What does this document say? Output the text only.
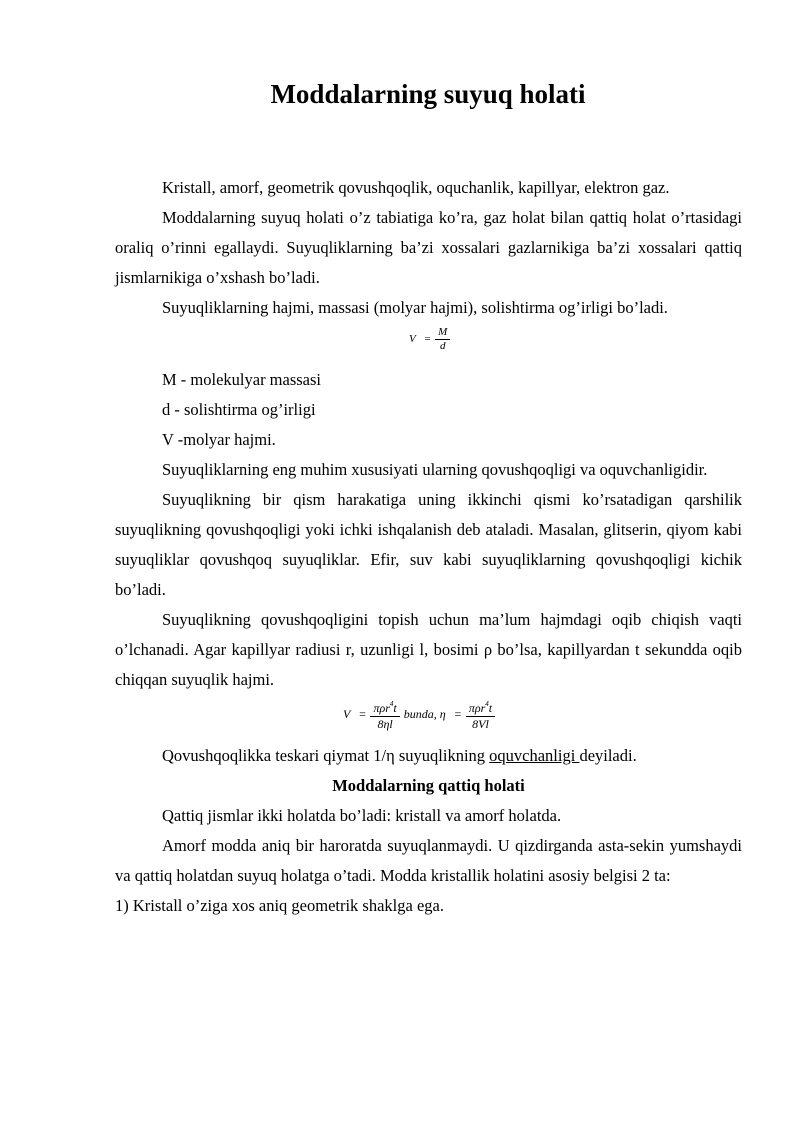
Moddalarning suyuq holati

Kristall, amorf, geometrik qovushqoqlik, oquchanlik, kapillyar, elektron gaz.

Moddalarning suyuq holati o’z tabiatiga ko’ra, gaz holat bilan qattiq holat o’rtasidagi oraliq o’rinni egallaydi. Suyuqliklarning ba’zi xossalari gazlarnikiga ba’zi xossalari qattiq jismlarnikiga o’xshash bo’ladi.

Suyuqliklarning hajmi, massasi (molyar hajmi), solishtirma og’irligi bo’ladi.

$V = \frac{M}{d}$

M - molekulyar massasi

d - solishtirma og’irligi

V -molyar hajmi.

Suyuqliklarning eng muhim xususiyati ularning qovushqoqligi va oquvchanligidir.

Suyuqlikning bir qism harakatiga uning ikkinchi qismi ko’rsatadigan qarshilik suyuqlikning qovushqoqligi yoki ichki ishqalanish deb ataladi. Masalan, glitserin, qiyom kabi suyuqliklar qovushqoq suyuqliklar. Efir, suv kabi suyuqliklarning qovushqoqligi kichik bo’ladi.

Suyuqlikning qovushqoqligini topish uchun ma’lum hajmdagi oqib chiqish vaqti o’lchanadi. Agar kapillyar radiusi r, uzunligi l, bosimi ρ bo’lsa, kapillyardan t sekundda oqib chiqqan suyuqlik hajmi.

$V = \frac{\pi\rho r^4t}{8\eta l}$ bunda, $\eta = \frac{\pi\rho r^4t}{8Vl}$

Qovushqoqlikka teskari qiymat 1/η suyuqlikning oquvchanligi deyiladi.

Moddalarning qattiq holati

Qattiq jismlar ikki holatda bo’ladi: kristall va amorf holatda.

Amorf modda aniq bir haroratda suyuqlanmaydi. U qizdirganda asta-sekin yumshaydi va qattiq holatdan suyuq holatga o’tadi. Modda kristallik holatini asosiy belgisi 2 ta:

1) Kristall o’ziga xos aniq geometrik shaklga ega.
